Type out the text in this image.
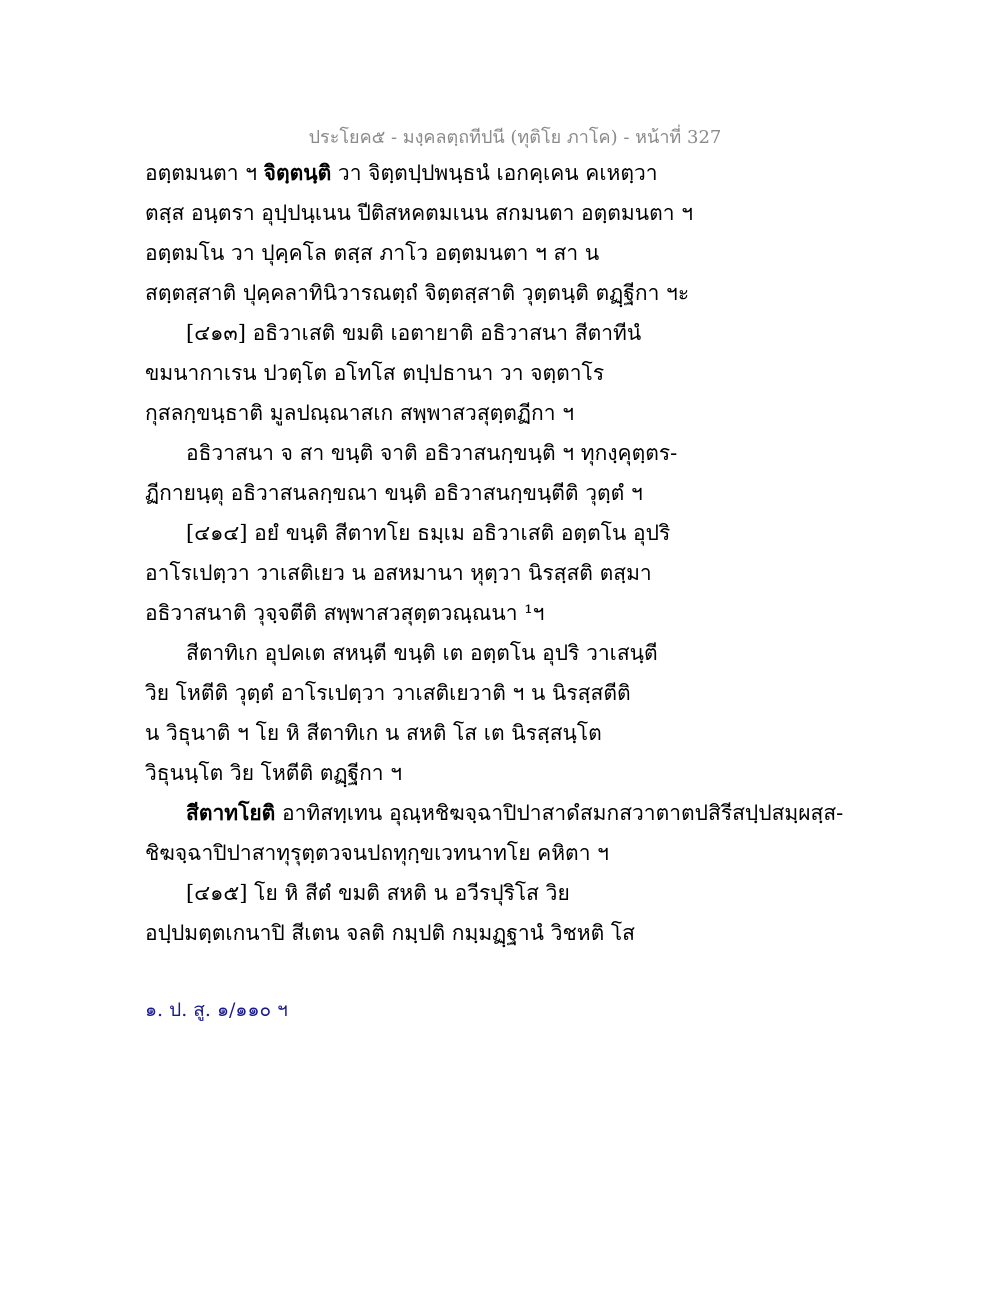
ประโยค๕ - มงฺคลตฺถทีปนี (ทุติโย ภาโค) - หน้าที่ 327
อตฺตมนตา ฯ จิตฺตนฺติ วา จิตฺตปฺปพนฺธนํ เอกคฺเคน คเหตฺวา
ตสฺส อนฺตรา อุปฺปนฺเนน ปีติสหคตมเนน สกมนตา อตฺตมนตา ฯ
อตฺตมโน วา ปุคฺคโล ตสฺส ภาโว อตฺตมนตา ฯ สา น
สตฺตสฺสาติ ปุคฺคลาทินิวารณตฺถํ จิตฺตสฺสาติ วุตฺตนฺติ ตฏฺฐีกา ฯะ
[๔๑๓] อธิวาเสติ ขมติ เอตายาติ อธิวาสนา สีตาทีนํ
ขมนากาเรน ปวตฺโต อโทโส ตปฺปธานา วา จตฺตาโร
กุสลกฺขนฺธาติ มูลปณฺณาสเก สพฺพาสวสุตฺตฏีกา ฯ
อธิวาสนา จ สา ขนฺติ จาติ อธิวาสนกฺขนฺติ ฯ ทุกงฺคุตฺตร-
ฏีกายนฺตุ อธิวาสนลกฺขณา ขนฺติ อธิวาสนกฺขนฺตีติ วุตฺตํ ฯ
[๔๑๔] อยํ ขนฺติ สีตาทโย ธมฺเม อธิวาเสติ อตฺตโน อุปริ
อาโรเปตฺวา วาเสติเยว น อสหมานา หุตฺวา นิรสฺสติ ตสฺมา
อธิวาสนาติ วุจฺจตีติ สพฺพาสวสุตฺตวณฺณนา ¹ฯ
สีตาทิเก อุปคเต สหนฺตี ขนฺติ เต อตฺตโน อุปริ วาเสนฺตี
วิย โหตีติ วุตฺตํ อาโรเปตฺวา วาเสติเยวาติ ฯ น นิรสฺสตีติ
น วิธุนาติ ฯ โย หิ สีตาทิเก น สหติ โส เต นิรสฺสนฺโต
วิธุนนฺโต วิย โหตีติ ตฏฺฐีกา ฯ
สีตาทโยติ อาทิสทฺเทน อุณฺหชิฆจฺฉาปิปาสาดํสมกสวาตาตปสิรีสปฺปสมฺผสฺส-
ชิฆจฺฉาปิปาสาทุรุตฺตวจนปถทุกฺขเวทนาทโย คหิตา ฯ
[๔๑๕] โย หิ สีตํ ขมติ สหติ น อวีรปุริโส วิย
อปฺปมตฺตเกนาปิ สีเตน จลติ กมฺปติ กมฺมฏฺฐานํ วิชหติ โส
๑. ป. สู. ๑/๑๑๐ ฯ
